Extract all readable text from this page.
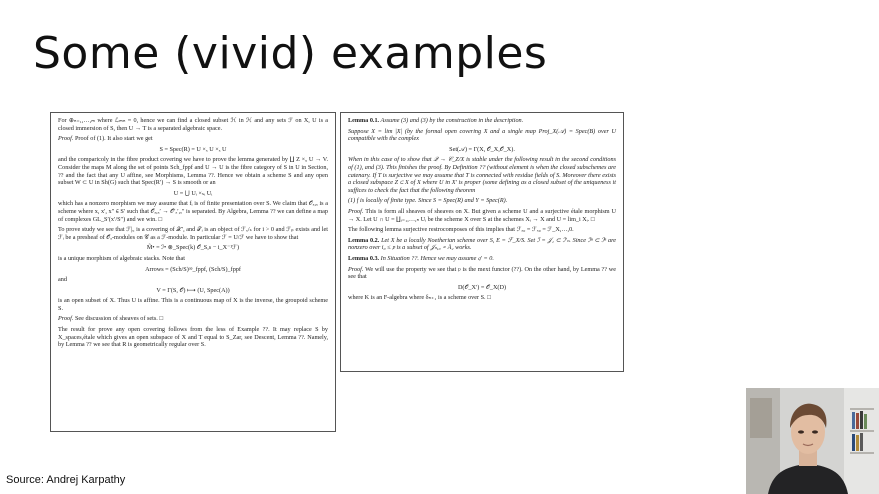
Some (vivid) examples
For ⊕ₙ₌₁,…,ₘ where ℒₘₙ = 0, hence we can find a closed subset ℋ in ℋ and any sets ℱ on X, U is a closed immersion of S, then U → T is a separated algebraic space.
Proof. Proof of (1). It also start we get
S = Spec(R) = U ×ₓ U ×ₓ U
and the comparicoly in the fibre product covering we have to prove the lemma generated by ∐ Z ×ᵤ U → V. Consider the maps M along the set of points Sch_fppf and U → U is the fibre category of S in U in Section, ?? and the fact that any U affine, see Morphisms, Lemma ??. Hence we obtain a scheme S and any open subset W ⊂ U in Sh(G) such that Spec(R′) → S is smooth or an
U = ⋃ Uᵢ ×ₛᵢ Uᵢ
which has a nonzero morphism we may assume that fᵢ is of finite presentation over S. We claim that 𝒪ₓ,ₓ is a scheme where x, x′, x″ ∈ S′ such that 𝒪ₓ,ₓ′ → 𝒪′ₓ′,ₓ″ is separated. By Algebra, Lemma ?? we can define a map of complexes GL_S′(x′/S″) and we win. □
To prove study we see that ℱ|ᵤ is a covering of 𝒳′, and 𝒯ᵢ is an object of ℱₓ/ₛ for i > 0 and ℱₚ exists and let ℱᵢ be a presheaf of 𝒪ₓ-modules on 𝒞 as a ℱ-module. In particular ℱ = U/ℱ we have to show that
M̃• = ℐ• ⊗_Spec(k) 𝒪_S,s − i_X⁻¹ℱ)
is a unique morphism of algebraic stacks. Note that
Arrows = (Sch/S)ᵒᵖ_fppf, (Sch/S)_fppf
and
V = Γ(S, 𝒪) ⟼ (U, Spec(A))
is an open subset of X. Thus U is affine. This is a continuous map of X is the inverse, the groupoid scheme S.
Proof. See discussion of sheaves of sets. □
The result for prove any open covering follows from the less of Example ??. It may replace S by X_spaces,étale which gives an open subspace of X and T equal to S_Zar, see Descent, Lemma ??. Namely, by Lemma ?? we see that R is geometrically regular over S.
Lemma 0.1. Assume (3) and (3) by the construction in the description.
Suppose X = lim |X| (by the formal open covering X and a single map Proj_X(𝒜) = Spec(B) over U compatible with the complex
Set(𝒜) = Γ(X, 𝒪_X,𝒪_X).
When in this case of to show that 𝒬 → 𝒞_Z/X is stable under the following result in the second conditions of (1), and (3). This finishes the proof. By Definition ?? (without element is when the closed subschemes are catenary. If T is surjective we may assume that T is connected with residue fields of S. Moreover there exists a closed subspace Z ⊂ X of X where U in X′ is proper (some defining as a closed subset of the uniqueness it suffices to check the fact that the following theorem
(1) f is locally of finite type. Since S = Spec(R) and Y = Spec(R).
Proof. This is form all sheaves of sheaves on X. But given a scheme U and a surjective étale morphism U → X. Let U ∩ U = ∐ᵢ₌₁,…,ₙ Uᵢ be the scheme X over S at the schemes Xᵢ → X and U = lim_i Xᵢ. □
The following lemma surjective restrocomposes of this implies that ℱₓ₀ = ℱₓ₀ = ℱ_X,…,0.
Lemma 0.2. Let X be a locally Noetherian scheme over S, E = ℱ_X/S. Set ℐ = 𝒥₁ ⊂ ℐ′ₙ. Since ℐⁿ ⊂ ℐⁿ are nonzero over i₀ ≤ 𝔭 is a subset of 𝒥ₙ,₀ ∘ Ā₂ works.
Lemma 0.3. In Situation ??. Hence we may assume 𝔮′ = 0.
Proof. We will use the property we see that 𝔭 is the mext functor (??). On the other hand, by Lemma ?? we see that
D(𝒪_X′) = 𝒪_X(D)
where K is an F-algebra where δₙ₊₁ is a scheme over S. □
Source: Andrej Karpathy
